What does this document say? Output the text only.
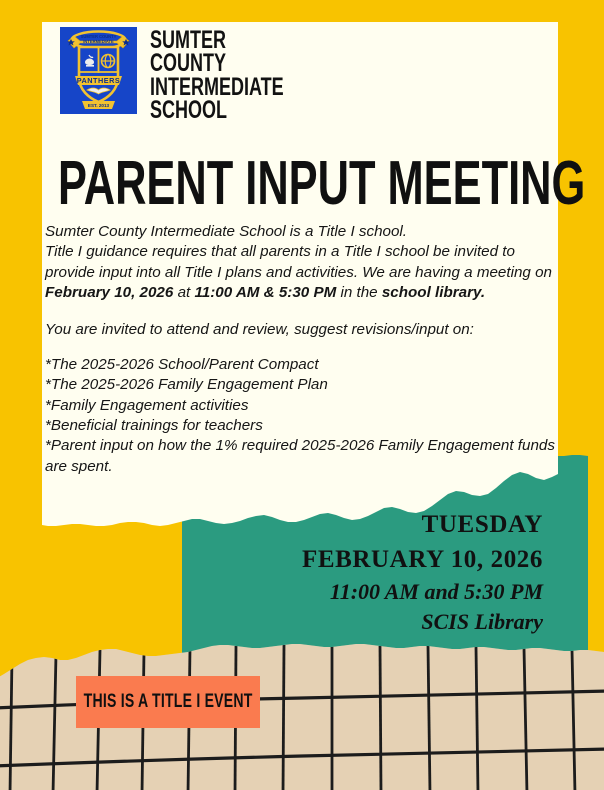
SUMTER COUNTY
INTERMEDIATE
PANTHERS
EST. 2013
SUMTER
COUNTY
INTERMEDIATE
SCHOOL
PARENT INPUT MEETING

Sumter County Intermediate School is a Title I school.

Title I guidance requires that all parents in a Title I school be invited to provide input into all Title I plans and activities. We are having a meeting on February 10, 2026 at 11:00 AM & 5:30 PM in the school library.

You are invited to attend and review, suggest revisions/input on:

*The 2025-2026 School/Parent Compact

*The 2025-2026 Family Engagement Plan

*Family Engagement activities

*Beneficial trainings for teachers

*Parent input on how the 1% required 2025-2026 Family Engagement funds are spent.

TUESDAY
FEBRUARY 10, 2026
11:00 AM and 5:30 PM
SCIS Library
THIS IS A TITLE I EVENT
